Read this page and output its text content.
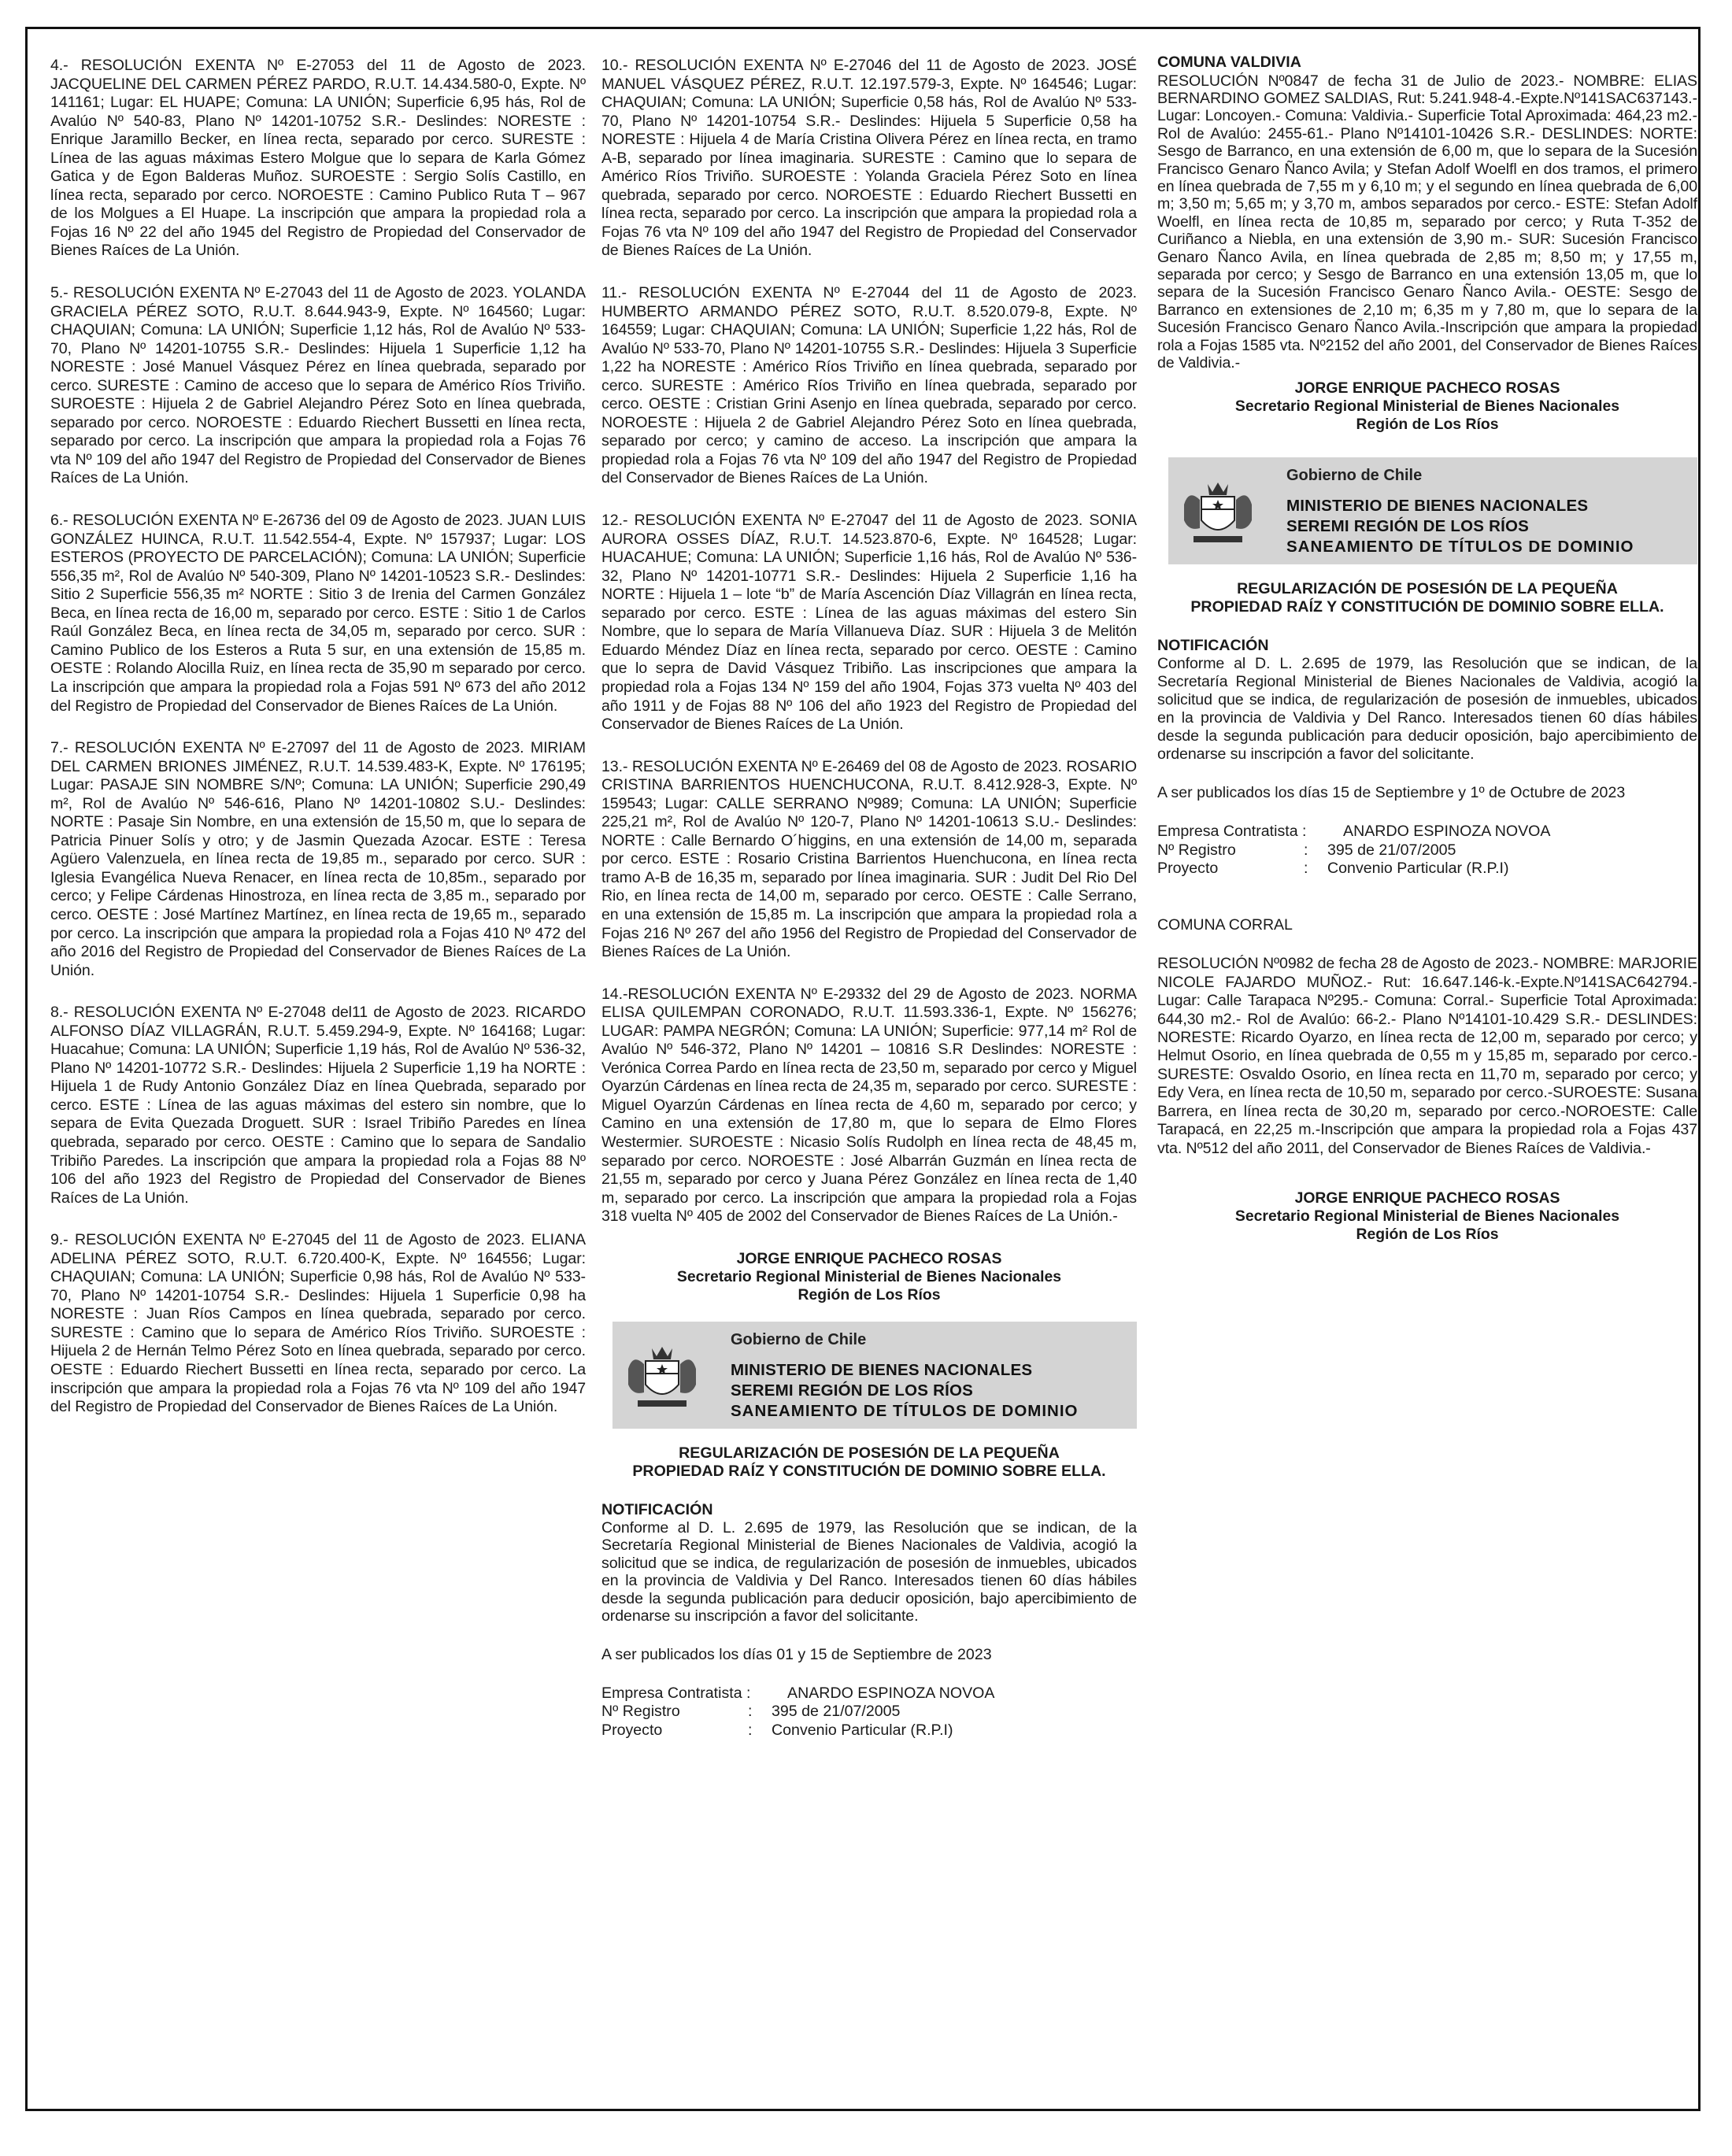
4.- RESOLUCIÓN EXENTA Nº E-27053 del 11 de Agosto de 2023. JACQUELINE DEL CARMEN PÉREZ PARDO, R.U.T. 14.434.580-0, Expte. Nº 141161; Lugar: EL HUAPE; Comuna: LA UNIÓN; Superficie 6,95 hás, Rol de Avalúo Nº 540-83, Plano Nº 14201-10752 S.R.- Deslindes: NORESTE : Enrique Jaramillo Becker, en línea recta, separado por cerco. SURESTE : Línea de las aguas máximas Estero Molgue que lo separa de Karla Gómez Gatica y de Egon Balderas Muñoz. SUROESTE : Sergio Solís Castillo, en línea recta, separado por cerco. NOROESTE : Camino Publico Ruta T – 967 de los Molgues a El Huape. La inscripción que ampara la propiedad rola a Fojas 16 Nº 22 del año 1945 del Registro de Propiedad del Conservador de Bienes Raíces de La Unión.

5.- RESOLUCIÓN EXENTA Nº E-27043 del 11 de Agosto de 2023. YOLANDA GRACIELA PÉREZ SOTO, R.U.T. 8.644.943-9, Expte. Nº 164560; Lugar: CHAQUIAN; Comuna: LA UNIÓN; Superficie 1,12 hás, Rol de Avalúo Nº 533-70, Plano Nº 14201-10755 S.R.- Deslindes: Hijuela 1 Superficie 1,12 ha NORESTE : José Manuel Vásquez Pérez en línea quebrada, separado por cerco. SURESTE : Camino de acceso que lo separa de Américo Ríos Triviño. SUROESTE : Hijuela 2 de Gabriel Alejandro Pérez Soto en línea quebrada, separado por cerco. NOROESTE : Eduardo Riechert Bussetti en línea recta, separado por cerco. La inscripción que ampara la propiedad rola a Fojas 76 vta Nº 109 del año 1947 del Registro de Propiedad del Conservador de Bienes Raíces de La Unión.

6.- RESOLUCIÓN EXENTA Nº E-26736 del 09 de Agosto de 2023. JUAN LUIS GONZÁLEZ HUINCA, R.U.T. 11.542.554-4, Expte. Nº 157937; Lugar: LOS ESTEROS (PROYECTO DE PARCELACIÓN); Comuna: LA UNIÓN; Superficie 556,35 m², Rol de Avalúo Nº 540-309, Plano Nº 14201-10523 S.R.- Deslindes: Sitio 2 Superficie 556,35 m² NORTE : Sitio 3 de Irenia del Carmen González Beca, en línea recta de 16,00 m, separado por cerco. ESTE : Sitio 1 de Carlos Raúl González Beca, en línea recta de 34,05 m, separado por cerco. SUR : Camino Publico de los Esteros a Ruta 5 sur, en una extensión de 15,85 m. OESTE : Rolando Alocilla Ruiz, en línea recta de 35,90 m separado por cerco. La inscripción que ampara la propiedad rola a Fojas 591 Nº 673 del año 2012 del Registro de Propiedad del Conservador de Bienes Raíces de La Unión.

7.- RESOLUCIÓN EXENTA Nº E-27097 del 11 de Agosto de 2023. MIRIAM DEL CARMEN BRIONES JIMÉNEZ, R.U.T. 14.539.483-K, Expte. Nº 176195; Lugar: PASAJE SIN NOMBRE S/Nº; Comuna: LA UNIÓN; Superficie 290,49 m², Rol de Avalúo Nº 546-616, Plano Nº 14201-10802 S.U.- Deslindes: NORTE : Pasaje Sin Nombre, en una extensión de 15,50 m, que lo separa de Patricia Pinuer Solís y otro; y de Jasmin Quezada Azocar. ESTE : Teresa Agüero Valenzuela, en línea recta de 19,85 m., separado por cerco. SUR : Iglesia Evangélica Nueva Renacer, en línea recta de 10,85m., separado por cerco; y Felipe Cárdenas Hinostroza, en línea recta de 3,85 m., separado por cerco. OESTE : José Martínez Martínez, en línea recta de 19,65 m., separado por cerco. La inscripción que ampara la propiedad rola a Fojas 410 Nº 472 del año 2016 del Registro de Propiedad del Conservador de Bienes Raíces de La Unión.

8.- RESOLUCIÓN EXENTA Nº E-27048 del11 de Agosto de 2023. RICARDO ALFONSO DÍAZ VILLAGRÁN, R.U.T. 5.459.294-9, Expte. Nº 164168; Lugar: Huacahue; Comuna: LA UNIÓN; Superficie 1,19 hás, Rol de Avalúo Nº 536-32, Plano Nº 14201-10772 S.R.- Deslindes: Hijuela 2 Superficie 1,19 ha NORTE : Hijuela 1 de Rudy Antonio González Díaz en línea Quebrada, separado por cerco. ESTE : Línea de las aguas máximas del estero sin nombre, que lo separa de Evita Quezada Droguett. SUR : Israel Tribiño Paredes en línea quebrada, separado por cerco. OESTE : Camino que lo separa de Sandalio Tribiño Paredes. La inscripción que ampara la propiedad rola a Fojas 88 Nº 106 del año 1923 del Registro de Propiedad del Conservador de Bienes Raíces de La Unión.

9.- RESOLUCIÓN EXENTA Nº E-27045 del 11 de Agosto de 2023. ELIANA ADELINA PÉREZ SOTO, R.U.T. 6.720.400-K, Expte. Nº 164556; Lugar: CHAQUIAN; Comuna: LA UNIÓN; Superficie 0,98 hás, Rol de Avalúo Nº 533-70, Plano Nº 14201-10754 S.R.- Deslindes: Hijuela 1 Superficie 0,98 ha NORESTE : Juan Ríos Campos en línea quebrada, separado por cerco. SURESTE : Camino que lo separa de Américo Ríos Triviño. SUROESTE : Hijuela 2 de Hernán Telmo Pérez Soto en línea quebrada, separado por cerco. OESTE : Eduardo Riechert Bussetti en línea recta, separado por cerco. La inscripción que ampara la propiedad rola a Fojas 76 vta Nº 109 del año 1947 del Registro de Propiedad del Conservador de Bienes Raíces de La Unión.

10.- RESOLUCIÓN EXENTA Nº E-27046 del 11 de Agosto de 2023. JOSÉ MANUEL VÁSQUEZ PÉREZ, R.U.T. 12.197.579-3, Expte. Nº 164546; Lugar: CHAQUIAN; Comuna: LA UNIÓN; Superficie 0,58 hás, Rol de Avalúo Nº 533-70, Plano Nº 14201-10754 S.R.- Deslindes: Hijuela 5 Superficie 0,58 ha NORESTE : Hijuela 4 de María Cristina Olivera Pérez en línea recta, en tramo A-B, separado por línea imaginaria. SURESTE : Camino que lo separa de Américo Ríos Triviño. SUROESTE : Yolanda Graciela Pérez Soto en línea quebrada, separado por cerco. NOROESTE : Eduardo Riechert Bussetti en línea recta, separado por cerco. La inscripción que ampara la propiedad rola a Fojas 76 vta Nº 109 del año 1947 del Registro de Propiedad del Conservador de Bienes Raíces de La Unión.

11.- RESOLUCIÓN EXENTA Nº E-27044 del 11 de Agosto de 2023. HUMBERTO ARMANDO PÉREZ SOTO, R.U.T. 8.520.079-8, Expte. Nº 164559; Lugar: CHAQUIAN; Comuna: LA UNIÓN; Superficie 1,22 hás, Rol de Avalúo Nº 533-70, Plano Nº 14201-10755 S.R.- Deslindes: Hijuela 3 Superficie 1,22 ha NORESTE : Américo Ríos Triviño en línea quebrada, separado por cerco. SURESTE : Américo Ríos Triviño en línea quebrada, separado por cerco. OESTE : Cristian Grini Asenjo en línea quebrada, separado por cerco. NOROESTE : Hijuela 2 de Gabriel Alejandro Pérez Soto en línea quebrada, separado por cerco; y camino de acceso. La inscripción que ampara la propiedad rola a Fojas 76 vta Nº 109 del año 1947 del Registro de Propiedad del Conservador de Bienes Raíces de La Unión.

12.- RESOLUCIÓN EXENTA Nº E-27047 del 11 de Agosto de 2023. SONIA AURORA OSSES DÍAZ, R.U.T. 14.523.870-6, Expte. Nº 164528; Lugar: HUACAHUE; Comuna: LA UNIÓN; Superficie 1,16 hás, Rol de Avalúo Nº 536-32, Plano Nº 14201-10771 S.R.- Deslindes: Hijuela 2 Superficie 1,16 ha NORTE : Hijuela 1 – lote “b” de María Ascención Díaz Villagrán en línea recta, separado por cerco. ESTE : Línea de las aguas máximas del estero Sin Nombre, que lo separa de María Villanueva Díaz. SUR : Hijuela 3 de Melitón Eduardo Méndez Díaz en línea recta, separado por cerco. OESTE : Camino que lo sepra de David Vásquez Tribiño. Las inscripciones que ampara la propiedad rola a Fojas 134 Nº 159 del año 1904, Fojas 373 vuelta Nº 403 del año 1911 y de Fojas 88 Nº 106 del año 1923 del Registro de Propiedad del Conservador de Bienes Raíces de La Unión.

13.- RESOLUCIÓN EXENTA Nº E-26469 del 08 de Agosto de 2023. ROSARIO CRISTINA BARRIENTOS HUENCHUCONA, R.U.T. 8.412.928-3, Expte. Nº 159543; Lugar: CALLE SERRANO Nº989; Comuna: LA UNIÓN; Superficie 225,21 m², Rol de Avalúo Nº 120-7, Plano Nº 14201-10613 S.U.- Deslindes: NORTE : Calle Bernardo O´higgins, en una extensión de 14,00 m, separada por cerco. ESTE : Rosario Cristina Barrientos Huenchucona, en línea recta tramo A-B de 16,35 m, separado por línea imaginaria. SUR : Judit Del Rio Del Rio, en línea recta de 14,00 m, separado por cerco. OESTE : Calle Serrano, en una extensión de 15,85 m. La inscripción que ampara la propiedad rola a Fojas 216 Nº 267 del año 1956 del Registro de Propiedad del Conservador de Bienes Raíces de La Unión.

14.-RESOLUCIÓN EXENTA Nº E-29332 del 29 de Agosto de 2023. NORMA ELISA QUILEMPAN CORONADO, R.U.T. 11.593.336-1, Expte. Nº 156276; LUGAR: PAMPA NEGRÓN; Comuna: LA UNIÓN; Superficie: 977,14 m² Rol de Avalúo Nº 546-372, Plano Nº 14201 – 10816 S.R Deslindes: NORESTE : Verónica Correa Pardo en línea recta de 23,50 m, separado por cerco y Miguel Oyarzún Cárdenas en línea recta de 24,35 m, separado por cerco. SURESTE : Miguel Oyarzún Cárdenas en línea recta de 4,60 m, separado por cerco; y Camino en una extensión de 17,80 m, que lo separa de Elmo Flores Westermier. SUROESTE : Nicasio Solís Rudolph en línea recta de 48,45 m, separado por cerco. NOROESTE : José Albarrán Guzmán en línea recta de 21,55 m, separado por cerco y Juana Pérez González en línea recta de 1,40 m, separado por cerco. La inscripción que ampara la propiedad rola a Fojas 318 vuelta Nº 405 de 2002 del Conservador de Bienes Raíces de La Unión.-

JORGE ENRIQUE PACHECO ROSAS

Secretario Regional Ministerial de Bienes Nacionales

Región de Los Ríos

Gobierno de Chile
MINISTERIO DE BIENES NACIONALES
SEREMI REGIÓN DE LOS RÍOS
SANEAMIENTO DE TÍTULOS DE DOMINIO

REGULARIZACIÓN DE POSESIÓN DE LA PEQUEÑA

PROPIEDAD RAÍZ Y CONSTITUCIÓN DE DOMINIO SOBRE ELLA.

NOTIFICACIÓN

Conforme al D. L. 2.695 de 1979, las Resolución que se indican, de la Secretaría Regional Ministerial de Bienes Nacionales de Valdivia, acogió la solicitud que se indica, de regularización de posesión de inmuebles, ubicados en la provincia de Valdivia y Del Ranco. Interesados tienen 60 días hábiles desde la segunda publicación para deducir oposición, bajo apercibimiento de ordenarse su inscripción a favor del solicitante.

A ser publicados los días 01 y 15 de Septiembre de 2023

Empresa Contratista :	ANARDO ESPINOZA NOVOA
Nº Registro	:	395 de 21/07/2005
Proyecto	:	Convenio Particular (R.P.I)

COMUNA VALDIVIA

RESOLUCIÓN Nº0847 de fecha 31 de Julio de 2023.- NOMBRE: ELIAS BERNARDINO GOMEZ SALDIAS, Rut: 5.241.948-4.-Expte.Nº141SAC637143.- Lugar: Loncoyen.- Comuna: Valdivia.- Superficie Total Aproximada: 464,23 m2.- Rol de Avalúo: 2455-61.- Plano Nº14101-10426 S.R.- DESLINDES: NORTE: Sesgo de Barranco, en una extensión de 6,00 m, que lo separa de la Sucesión Francisco Genaro Ñanco Avila; y Stefan Adolf Woelfl en dos tramos, el primero en línea quebrada de 7,55 m y 6,10 m; y el segundo en línea quebrada de 6,00 m; 3,50 m; 5,65 m; y 3,70 m, ambos separados por cerco.- ESTE: Stefan Adolf Woelfl, en línea recta de 10,85 m, separado por cerco; y Ruta T-352 de Curiñanco a Niebla, en una extensión de 3,90 m.- SUR: Sucesión Francisco Genaro Ñanco Avila, en línea quebrada de 2,85 m; 8,50 m; y 17,55 m, separada por cerco; y Sesgo de Barranco en una extensión 13,05 m, que lo separa de la Sucesión Francisco Genaro Ñanco Avila.- OESTE: Sesgo de Barranco en extensiones de 2,10 m; 6,35 m y 7,80 m, que lo separa de la Sucesión Francisco Genaro Ñanco Avila.-Inscripción que ampara la propiedad rola a Fojas 1585 vta. Nº2152 del año 2001, del Conservador de Bienes Raíces de Valdivia.-

JORGE ENRIQUE PACHECO ROSAS

Secretario Regional Ministerial de Bienes Nacionales

Región de Los Ríos

Gobierno de Chile
MINISTERIO DE BIENES NACIONALES
SEREMI REGIÓN DE LOS RÍOS
SANEAMIENTO DE TÍTULOS DE DOMINIO

REGULARIZACIÓN DE POSESIÓN DE LA PEQUEÑA

PROPIEDAD RAÍZ Y CONSTITUCIÓN DE DOMINIO SOBRE ELLA.

NOTIFICACIÓN

Conforme al D. L. 2.695 de 1979, las Resolución que se indican, de la Secretaría Regional Ministerial de Bienes Nacionales de Valdivia, acogió la solicitud que se indica, de regularización de posesión de inmuebles, ubicados en la provincia de Valdivia y Del Ranco. Interesados tienen 60 días hábiles desde la segunda publicación para deducir oposición, bajo apercibimiento de ordenarse su inscripción a favor del solicitante.

A ser publicados los días 15 de Septiembre y 1º de Octubre de 2023

Empresa Contratista :	ANARDO ESPINOZA NOVOA
Nº Registro	:	395 de 21/07/2005
Proyecto	:	Convenio Particular (R.P.I)

COMUNA CORRAL

RESOLUCIÓN Nº0982 de fecha 28 de Agosto de 2023.- NOMBRE: MARJORIE NICOLE FAJARDO MUÑOZ.- Rut: 16.647.146-k.-Expte.Nº141SAC642794.- Lugar: Calle Tarapaca Nº295.- Comuna: Corral.- Superficie Total Aproximada: 644,30 m2.- Rol de Avalúo: 66-2.- Plano Nº14101-10.429 S.R.- DESLINDES: NORESTE: Ricardo Oyarzo, en línea recta de 12,00 m, separado por cerco; y Helmut Osorio, en línea quebrada de 0,55 m y 15,85 m, separado por cerco.- SURESTE: Osvaldo Osorio, en línea recta en 11,70 m, separado por cerco; y Edy Vera, en línea recta de 10,50 m, separado por cerco.-SUROESTE: Susana Barrera, en línea recta de 30,20 m, separado por cerco.-NOROESTE: Calle Tarapacá, en 22,25 m.-Inscripción que ampara la propiedad rola a Fojas 437 vta. Nº512 del año 2011, del Conservador de Bienes Raíces de Valdivia.-

JORGE ENRIQUE PACHECO ROSAS

Secretario Regional Ministerial de Bienes Nacionales

Región de Los Ríos
